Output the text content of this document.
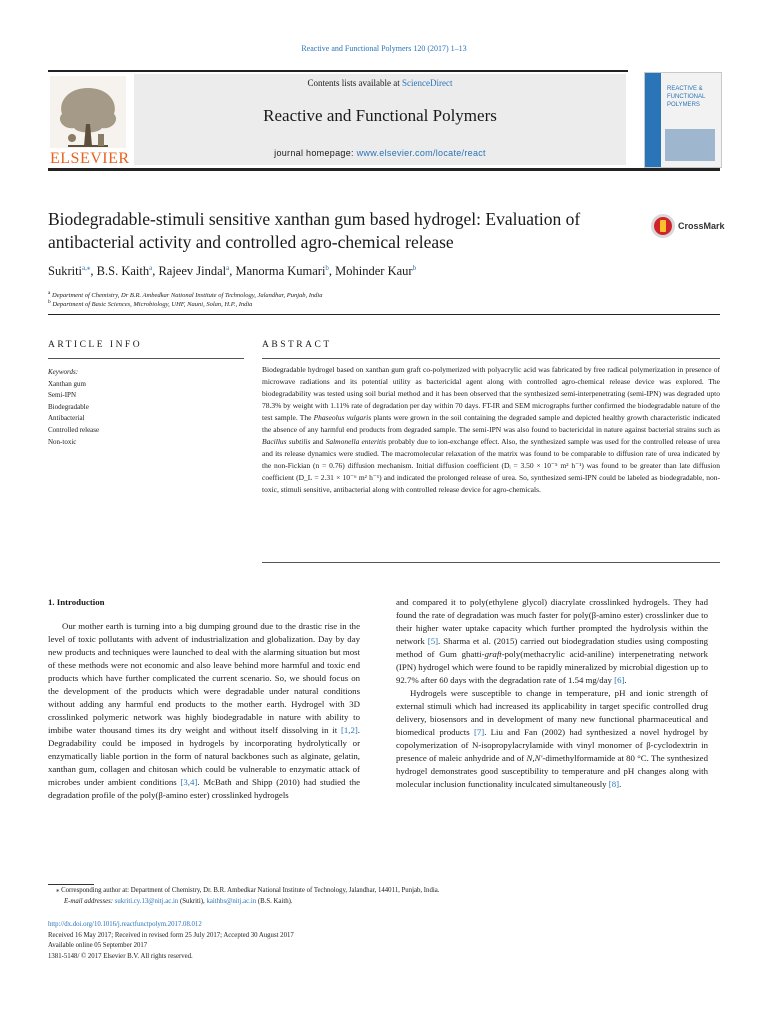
Reactive and Functional Polymers 120 (2017) 1–13
ELSEVIER
Contents lists available at ScienceDirect
Reactive and Functional Polymers
journal homepage: www.elsevier.com/locate/react
REACTIVE & FUNCTIONAL POLYMERS
Biodegradable-stimuli sensitive xanthan gum based hydrogel: Evaluation of antibacterial activity and controlled agro-chemical release
CrossMark
Sukriti$^{a,⁎}$, B.S. Kaith$^a$, Rajeev Jindal$^a$, Manorma Kumari$^b$, Mohinder Kaur$^b$
$^a$ Department of Chemistry, Dr B.R. Ambedkar National Institute of Technology, Jalandhar, Punjab, India
$^b$ Department of Basic Sciences, Microbiology, UHF, Nauni, Solan, H.P., India
ARTICLE INFO	ABSTRACT
Keywords:
Xanthan gum
Semi-IPN
Biodegradable
Antibacterial
Controlled release
Non-toxic
Biodegradable hydrogel based on xanthan gum graft co-polymerized with polyacrylic acid was fabricated by free radical polymerization in presence of microwave radiations and its potential utility as bactericidal agent along with controlled agro-chemical release device was explored. The biodegradability was tested using soil burial method and it has been observed that the synthesized semi-interpenetrating (semi-IPN) was degraded upto 78.3% by weight with 1.11% rate of degradation per day within 70 days. FT-IR and SEM micrographs further confirmed the biodegradable nature of the test sample. The Phaseolus vulgaris plants were grown in the soil containing the degraded sample and depicted healthy growth characteristic indicated the absence of any harmful end products from degraded sample. The semi-IPN was also found to bactericidal in nature against bacterial strains such as Bacillus subtilis and Salmonella enteritis probably due to ion-exchange effect. Also, the synthesized sample was used for the controlled release of urea and its release dynamics were studied. The macromolecular relaxation of the matrix was found to be comparable to diffusion rate of urea indicated by the non-Fickian (n = 0.76) diffusion mechanism. Initial diffusion coefficient (Dᵢ = 3.50 × 10⁻⁵ m² h⁻¹) was found to be greater than late diffusion coefficient (D_L = 2.31 × 10⁻⁶ m² h⁻¹) and indicated the prolonged release of urea. So, synthesized semi-IPN could be labeled as biodegradable, non-toxic, stimuli sensitive, antibacterial along with controlled release device for agro-chemicals.
1. Introduction

Our mother earth is turning into a big dumping ground due to the drastic rise in the level of toxic pollutants with advent of industrialization and globalization. Day by day new products and techniques were launched to deal with the alarming situation but most of these methods were not economic and also leave behind more harmful and toxic end products which have further complicated the current scenario. So, we should focus on the development of the products which were degradable under natural conditions without adding any harmful end products to the mother earth. Hydrogel with 3D crosslinked polymeric network was highly biodegradable in nature with ability to imbibe water thousand times its dry weight and without itself dissolving in it [1,2]. Degradability could be imposed in hydrogels by incorporating hydrolytically or enzymatically liable portion in the form of natural backbones such as alginate, gelatin, xanthan gum, collagen and chitosan which could be vulnerable to enzymatic attack of microbes under ambient conditions [3,4]. McBath and Shipp (2010) had studied the degradation profile of the poly(β-amino ester) crosslinked hydrogels

and compared it to poly(ethylene glycol) diacrylate crosslinked hydrogels. They had found the rate of degradation was much faster for poly(β-amino ester) crosslinker due to their higher water uptake capacity which further prompted the hydrolysis within the network [5]. Sharma et al. (2015) carried out biodegradation studies using composting method of Gum ghatti-graft-poly(methacrylic acid-aniline) interpenetrating network (IPN) hydrogel which were found to be rapidly mineralized by microbial digestion up to 92.7% after 60 days with the degradation rate of 1.54 mg/day [6].

Hydrogels were susceptible to change in temperature, pH and ionic strength of external stimuli which had increased its applicability in target specific controlled drug delivery, biosensors and in development of many new functional pharmaceutical and biomedical products [7]. Liu and Fan (2002) had synthesized a novel hydrogel by copolymerization of N-isopropylacrylamide with vinyl monomer of β-cyclodextrin in presence of maleic anhydride and of N,N′-dimethylformamide at 80 °C. The synthesized hydrogel demonstrates good susceptibility to temperature and pH changes along with molecular inclusion functionality inculcated simultaneously [8].

⁎ Corresponding author at: Department of Chemistry, Dr. B.R. Ambedkar National Institute of Technology, Jalandhar, 144011, Punjab, India.
E-mail addresses: sukriti.cy.13@nitj.ac.in (Sukriti), kaithbs@nitj.ac.in (B.S. Kaith).
http://dx.doi.org/10.1016/j.reactfunctpolym.2017.08.012
Received 16 May 2017; Received in revised form 25 July 2017; Accepted 30 August 2017
Available online 05 September 2017
1381-5148/ © 2017 Elsevier B.V. All rights reserved.
